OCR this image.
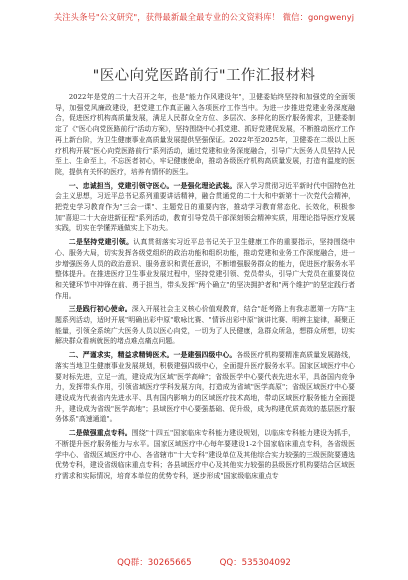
关注头条号"公文研究"，获得最新最全最专业的公文资料库！ 微信：gongwenyj
"医心向党医路前行"工作汇报材料

2022年是党的二十大召开之年，也是"能力作风建设年"，卫健委始终坚持和加强党的全面领导，加强党风廉政建设，把党建工作真正融入各项医疗工作当中。为进一步推进党建业务深度融合，促进医疗机构高质量发展，满足人民群众全方位、多层次、多样化的医疗服务需求，卫健委制定了《"医心向党医路前行"活动方案》，坚持围绕中心抓党建、抓好党建促发展，不断推动医疗工作再上新台阶，为卫生健康事业高质量发展提供坚强保证。2022年至2025年，卫健委在二级以上医疗机构开展"医心向党医路前行"系列活动，通过党建和业务深度融合，引导广大医务人员坚持人民至上、生命至上，不忘医者初心，牢记健康使命，推动各级医疗机构高质量发展，打造有温度的医院，提供有关怀的医疗，培养有情怀的医生。

一、忠诚担当，党建引领守医心。一是强化理论武装。深入学习贯彻习近平新时代中国特色社会主义思想，习近平总书记系列重要讲话精神，融合贯通党的二十大和中新第十一次党代会精神，把党史学习教育作为"三会一课"、主题党日的重要内容，推动学习教育常态化、长效化，积极参加"喜迎二十大奋进新征程"系列活动，教育引导党员干部深刻领会精神实质，用理论指导医疗发展实践，切实在学懂弄通做实上下功夫。

二是坚持党建引领。认真贯彻落实习近平总书记关于卫生健康工作的重要指示，坚持围绕中心、服务大局，切实发挥各级党组织的政治功能和组织功能，推动党建和业务工作深度融合，进一步增强医务人员的政治意识、服务意识和责任意识，不断增强服务群众的能力，促进医疗服务水平整体提升。在推进医疗卫生事业发展过程中，坚持党建引领、党员带头，引导广大党员在重要岗位和关键环节中冲锋在前、勇于担当，带头发挥"两个确立"的坚决拥护者和"两个维护"的坚定践行者作用。

三是践行初心使命。深入开展社会主义核心价值观教育，结合"赶考路上有我志愿第一方阵"主题系列活动，适时开展"明确出彩中原"歌咏比赛、"情诉出彩中原"演讲比赛、明辨主旋律，凝聚正能量，引领全系统广大医务人员以医心向党，一切为了人民健康，急群众所急，想群众所想，切实解决群众看病就医的堵点难点痛点问题。

二、严谨求实，精益求精铸医术。一是建强四级中心。各级医疗机构要精准高质量发展路线，落实当地卫生健康事业发展规划，积极建强四级中心，全面提升医疗服务水平。国家区域医疗中心要对标先进，立足一流，建设成为区域"医学高峰"；省级医学中心要代表先进水平，具备国内竞争力，发挥带头作用，引领省域医疗学科发展方向，打造成为省域"医学高原"；省级区域医疗中心要建设成为代表省内先进水平、具有国内影响力的区域医疗技术高地，带动区域医疗服务能力全面提升，建设成为省级"医学高地"；县域医疗中心要强基础、促升级，成为构建优质高效的基层医疗服务体系"高速通道"。

二是做强重点专科。围绕"十四五"国家临床专科能力建设规划，以临床专科能力建设为抓手，不断提升医疗服务能力与水平。国家区域医疗中心每年要建设1-2个国家临床重点专科，各省级医学中心、省级区域医疗中心、各省辖市"十大专科"建设单位及其他综合实力较强的三级医院要遴选优势专科，建设省级临床重点专科；各县域医疗中心及其他实力较强的县级医疗机构要结合区域医疗需求和实际情况，培育本单位的优势专科，逐步形成"国家级临床重点专

QQ群：30265665	QQ：535304092
